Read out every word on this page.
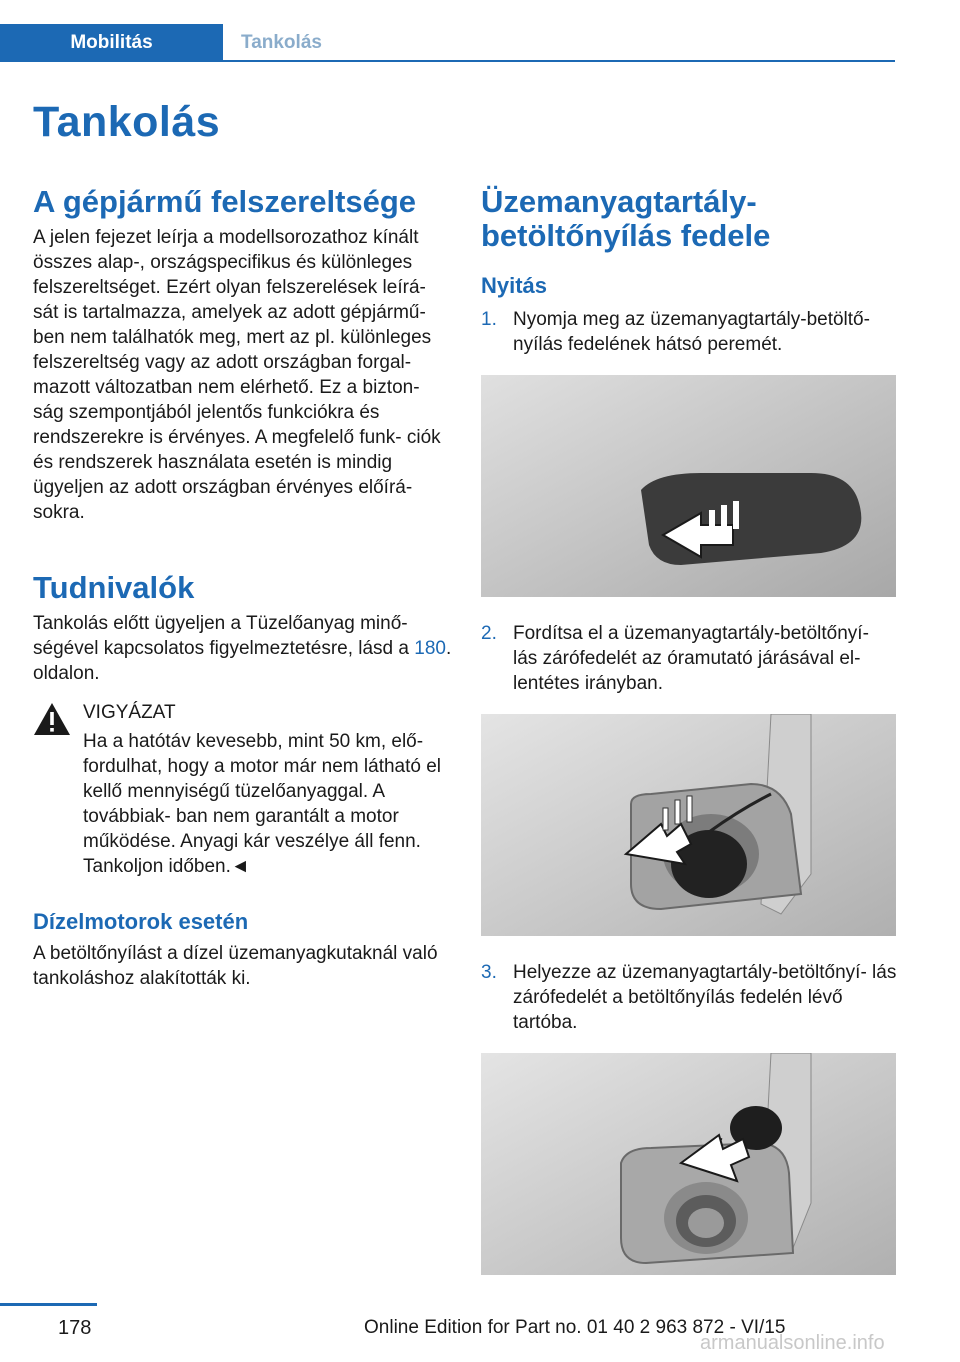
Mobilitás	Tankolás
Tankolás
A gépjármű felszereltsége

A jelen fejezet leírja a modellsorozathoz kínált összes alap-, országspecifikus és különleges felszereltséget. Ezért olyan felszerelések leírá- sát is tartalmazza, amelyek az adott gépjármű- ben nem találhatók meg, mert az pl. különleges felszereltség vagy az adott országban forgal- mazott változatban nem elérhető. Ez a bizton- ság szempontjából jelentős funkciókra és rendszerekre is érvényes. A megfelelő funk- ciók és rendszerek használata esetén is mindig ügyeljen az adott országban érvényes előírá- sokra.

Tudnivalók

Tankolás előtt ügyeljen a Tüzelőanyag minő- ségével kapcsolatos figyelmeztetésre, lásd a 180. oldalon.

VIGYÁZAT

Ha a hatótáv kevesebb, mint 50 km, elő- fordulhat, hogy a motor már nem látható el kellő mennyiségű tüzelőanyaggal. A továbbiak- ban nem garantált a motor működése. Anyagi kár veszélye áll fenn. Tankoljon időben.◄

Dízelmotorok esetén

A betöltőnyílást a dízel üzemanyagkutaknál való tankoláshoz alakították ki.

Üzemanyagtartály-betöltőnyílás fedele
Nyitás
1. Nyomja meg az üzemanyagtartály-betöltő- nyílás fedelének hátsó peremét.
2. Fordítsa el a üzemanyagtartály-betöltőnyí- lás zárófedelét az óramutató járásával el- lentétes irányban.
3. Helyezze az üzemanyagtartály-betöltőnyí- lás zárófedelét a betöltőnyílás fedelén lévő tartóba.
178	Online Edition for Part no. 01 40 2 963 872 - VI/15
armanualsonline.info
